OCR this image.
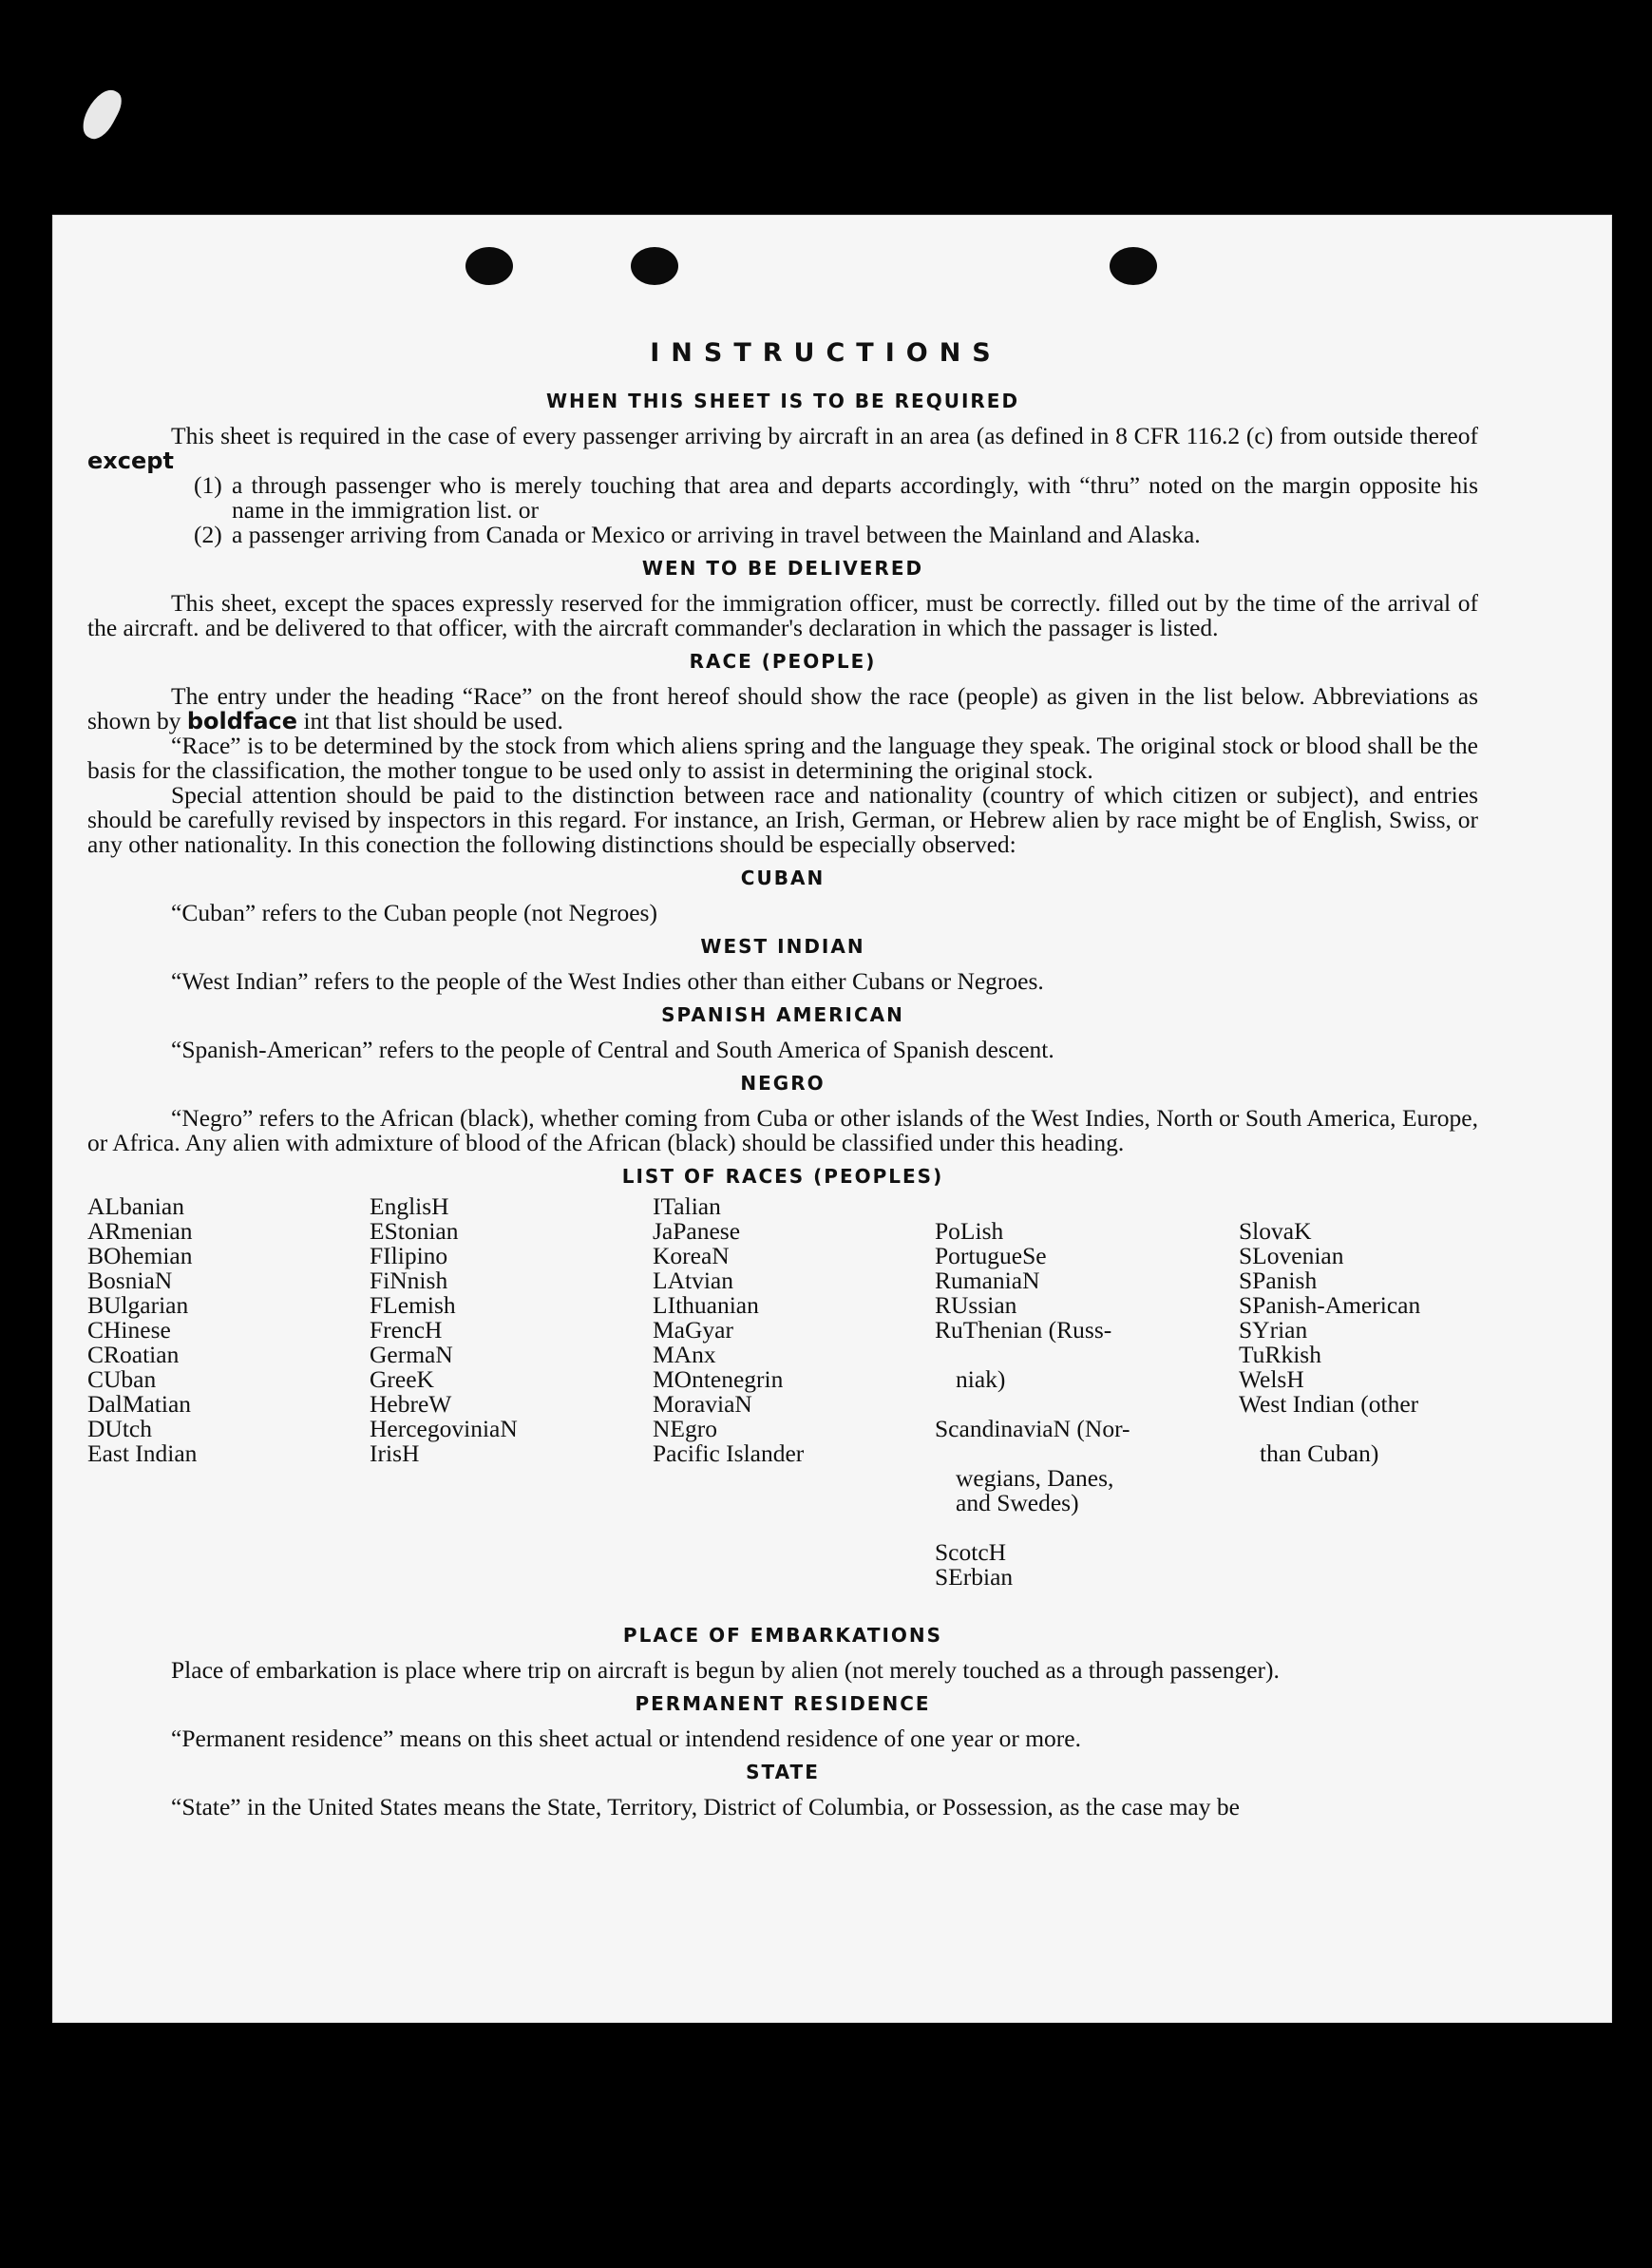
INSTRUCTIONS
WHEN THIS SHEET IS TO BE REQUIRED

This sheet is required in the case of every passenger arriving by aircraft in an area (as defined in 8 CFR 116.2 (c) from outside thereof except

(1) a through passenger who is merely touching that area and departs accordingly, with “thru” noted on the margin opposite his name in the immigration list. or
(2) a passenger arriving from Canada or Mexico or arriving in travel between the Mainland and Alaska.
WEN TO BE DELIVERED

This sheet, except the spaces expressly reserved for the immigration officer, must be correctly. filled out by the time of the arrival of the aircraft. and be delivered to that officer, with the aircraft commander's declaration in which the passager is listed.

RACE (PEOPLE)

The entry under the heading “Race” on the front hereof should show the race (people) as given in the list below. Abbreviations as shown by boldface int that list should be used.

“Race” is to be determined by the stock from which aliens spring and the language they speak. The original stock or blood shall be the basis for the classification, the mother tongue to be used only to assist in determining the original stock.

Special attention should be paid to the distinction between race and nationality (country of which citizen or subject), and entries should be carefully revised by inspectors in this regard. For instance, an Irish, German, or Hebrew alien by race might be of English, Swiss, or any other nationality. In this conection the following distinctions should be especially observed:

CUBAN

“Cuban” refers to the Cuban people (not Negroes)

WEST INDIAN

“West Indian” refers to the people of the West Indies other than either Cubans or Negroes.

SPANISH AMERICAN

“Spanish-American” refers to the people of Central and South America of Spanish descent.

NEGRO

“Negro” refers to the African (black), whether coming from Cuba or other islands of the West Indies, North or South America, Europe, or Africa. Any alien with admixture of blood of the African (black) should be classified under this heading.

LIST OF RACES (PEOPLES)
ALbanian
ARmenian
BOhemian
BosniaN
BUlgarian
CHinese
CRoatian
CUban
DalMatian
DUtch
East Indian
EnglisH
EStonian
FIlipino
FiNnish
FLemish
FrencH
GermaN
GreeK
HebreW
HercegoviniaN
IrisH
ITalian
JaPanese
KoreaN
LAtvian
LIthuanian
MaGyar
MAnx
MOntenegrin
MoraviaN
NEgro
Pacific Islander

PoLish
PortugueSe
RumaniaN
RUssian
RuThenian (Russ-

niak)

ScandinaviaN (Nor-

wegians, Danes,
and Swedes)

ScotcH
SErbian

SlovaK
SLovenian
SPanish
SPanish-American
SYrian
TuRkish
WelsH
West Indian (other

than Cuban)

PLACE OF EMBARKATIONS

Place of embarkation is place where trip on aircraft is begun by alien (not merely touched as a through passenger).

PERMANENT RESIDENCE

“Permanent residence” means on this sheet actual or intendend residence of one year or more.

STATE

“State” in the United States means the State, Territory, District of Columbia, or Possession, as the case may be
